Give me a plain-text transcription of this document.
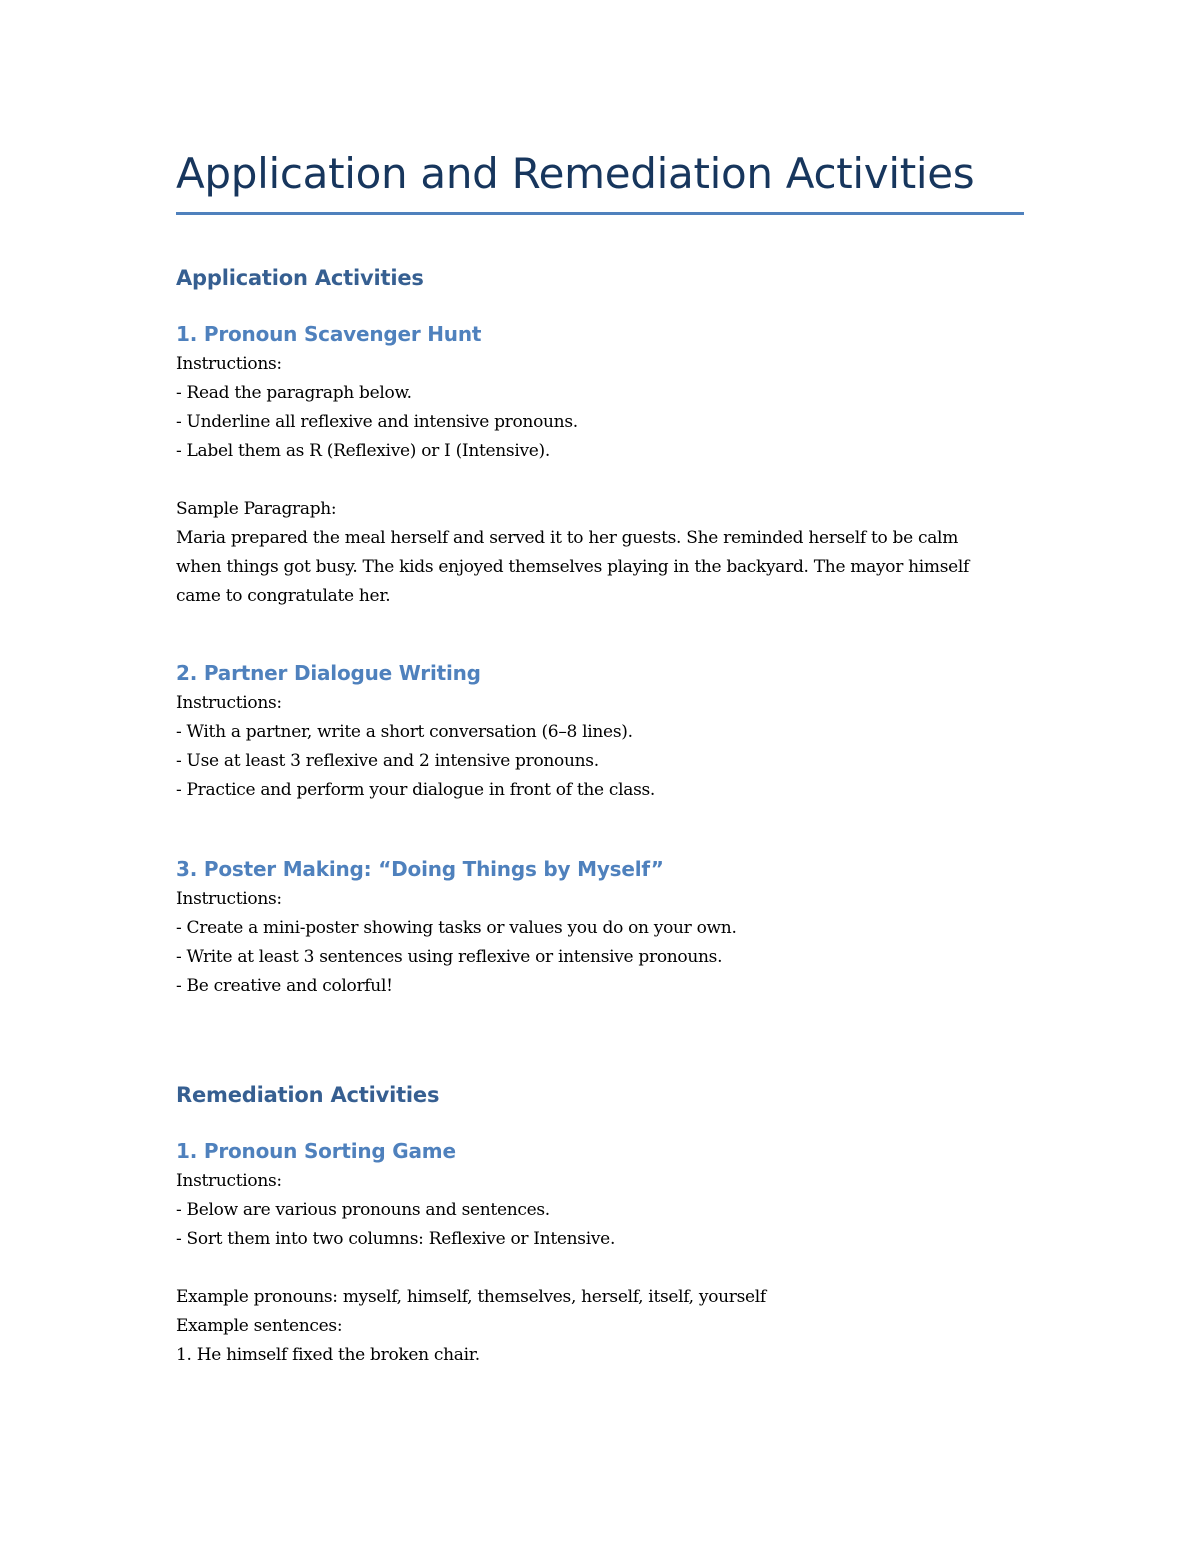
Application and Remediation Activities
Application Activities
1. Pronoun Scavenger Hunt

Instructions:

- Read the paragraph below.

- Underline all reflexive and intensive pronouns.

- Label them as R (Reflexive) or I (Intensive).

Sample Paragraph:

Maria prepared the meal herself and served it to her guests. She reminded herself to be calm when things got busy. The kids enjoyed themselves playing in the backyard. The mayor himself came to congratulate her.

2. Partner Dialogue Writing

Instructions:

- With a partner, write a short conversation (6–8 lines).

- Use at least 3 reflexive and 2 intensive pronouns.

- Practice and perform your dialogue in front of the class.

3. Poster Making: “Doing Things by Myself”

Instructions:

- Create a mini-poster showing tasks or values you do on your own.

- Write at least 3 sentences using reflexive or intensive pronouns.

- Be creative and colorful!

Remediation Activities
1. Pronoun Sorting Game

Instructions:

- Below are various pronouns and sentences.

- Sort them into two columns: Reflexive or Intensive.

Example pronouns: myself, himself, themselves, herself, itself, yourself

Example sentences:

1. He himself fixed the broken chair.
